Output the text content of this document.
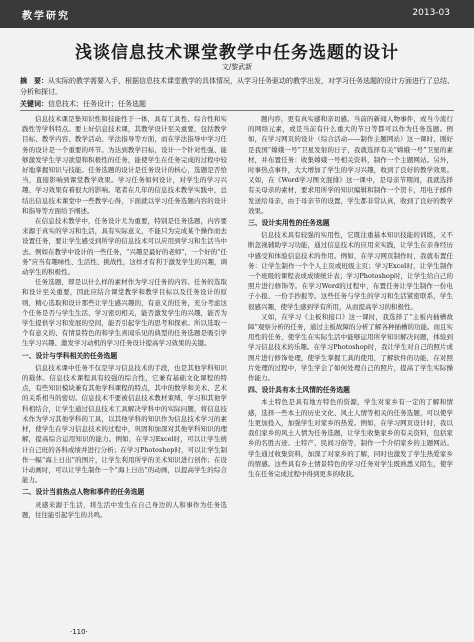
教学研究	2013-03
浅谈信息技术课堂教学中任务选题的设计
文/黎武新
摘　要：从实际的教学需要入手，根据信息技术课堂教学的具体情况，从学习任务驱动的教学出发，对学习任务选题的设计方面进行了总结、分析和探讨。
关键词：信息技术；任务设计；任务选题

信息技术课是集知识性和技能性于一体，具有工具性、综合性和实践性等学科特点。要上好信息技术课，其教学设计至关重要，包括教学目标、教学内容、教学活动、学法指导等方面，而在学法指导中学习任务的设计是一个重要的环节。为达到教学目标，设计一个针对性强、能够激发学生学习欲望和积极性的任务，能使学生在任务完成的过程中较好地掌握知识与技能。任务选题的设计是任务设计的核心，选题是否恰当，直接影响到课堂教学效果。学习任务如何设计，对学生的学习兴趣、学习效果有着很大的影响。笔者在几年的信息技术教学实践中，总结出信息技术课堂中一些教学心得，下面就以学习任务选题内容的设计和指导等方面给予阐述。

在信息技术教学中，任务设计尤为重要，特别是任务选题，内容要来源于真实的学习和生活，具有实际意义，不能只为完成某个操作而去设置任务，要让学生感受到所学的信息技术可以应用到学习和生活当中去。例如在教学中设计的一些任务，“兴趣是最好的老师”，一个好的“任务”应当有趣味性、生活性、挑战性，这样才有利于激发学生的兴趣，调动学生的积极性。

任务选题，即是以什么样的素材作为学习任务的内容。任务的选取和设计至关重要，因此应结合课堂教学和教学目标以及任务设计的原则，精心选取和设计那些让学生感兴趣的，有意义的任务，充分考虑这个任务是否与学生生活、学习密切相关，能否激发学生的兴趣，能否为学生提供学习和发展的空间，能否引起学生的思考和探索。所以选取一个有意义的、有情景特色的和学生喜闻乐见的典型的任务选题是吸引学生学习兴趣、激发学习动机的学习任务设计提高学习效果的关键。

一、设计与学科相关的任务选题

信息技术课中任务不仅是学习信息技术的手段，也是其他学科知识的载体。信息技术课程具有较强的综合性，它兼有基础文化课程的特点，有些知识模块兼有其他学科课程的特点，其中的数学和美术、艺术的关系相当的密切。信息技术不要被信息技术教材束缚，学习和其他学科相结合，让学生通过信息技术工具解决学科中的实际问题，将信息技术作为学习其他学科的工具，以其他学科的知识作为信息技术学习的素材，使学生在学习信息技术的过程中，巩固和加深对其他学科知识的理解，提高综合运用知识的能力。例如，在学习Excel时，可以让学生统计自己班的各科成绩并进行分析；在学习Photoshop时，可以让学生制作一幅“海上日出”的图片，让学生利用所学的美术知识进行创作；在设计动画时，可以让学生制作一个“海上日出”的动画，以提高学生的综合能力。

二、设计当前热点人物和事件的任务选题

灵感来源于生活，将生活中发生在自己身边的人和事作为任务选题，往往能引起学生的共鸣。

题内容，更有真实感和亲切感。当前的新闻人物事件，或当今流行的网络元素，或是当前有什么重大的节日等都可以作为任务选题。例如，在学习网页的设计（综合活动——制作主题网站）这一课时，刚好是我国“嫦娥一号”卫星发射的日子，我就选择有关“嫦娥一号”卫星的素材，并布置任务：收集嫦娥一号相关资料，制作一个主题网站。另外，时事热点事件，大大增加了学生的学习兴趣，收到了良好的教学效果。又如，在《Word学习图文混排》这一课中，是母亲节期间，我就选择有关母亲的素材，要求用所学的知识编辑和制作一个贺卡，用电子邮件发送给母亲，由于母亲节的设置，学生都非常认真，收到了良好的教学效果。

三、设计实用性的任务选题

信息技术具有较强的实用性，它既注重基本知识技能的训练，又不断忽视辅助学习功能，通过信息技术的应用来实践，让学生在亲身经历中感受和体验信息技术的作用。例如，在学习网页制作时，我就布置任务：让学生制作一个个人主页或班级主页；学习Excel时，让学生制作一个班级的课程表或成绩统计表；学习Photoshop时，让学生给自己的照片进行修饰等。在学习Word的过程中，布置任务让学生制作一份电子小报、一份手抄报等。这些任务与学生的学习和生活紧密联系，学生很感兴趣，使学生感到学有所用，从而提高学习的积极性。

又如，在学习《主板和接口》这一课时，我选择了“主板内插槽故障”观察分析的任务，通过主板故障的分析了解各种插槽的功能。而且实用性的任务，使学生在实际生活中能够运用所学知识解决问题，体验到学习信息技术的乐趣。在学习Photoshop时，我让学生对自己的照片或图片进行修饰处理，使学生掌握工具的使用，了解软件的功能，在对照片处理的过程中，学生学会了如何处理自己的照片，提高了学生实际操作能力。

四、设计具有本土风情的任务选题

本土特色是具有地方特色的资源，学生对家乡有一定的了解和情感，选择一些本土的历史文化、风土人情等相关的任务选题，可以使学生更加投入，加强学生对家乡的热爱。例如，在学习网页设计时，我以我们家乡的风土人情为任务选题，让学生收集家乡的有关资料，包括家乡的名胜古迹、土特产、民间习俗等，制作一个介绍家乡的主题网站。学生通过收集资料，加深了对家乡的了解，同时也激发了学生热爱家乡的情感。这些具有乡土情景特色的学习任务对学生既熟悉又陌生，使学生在任务完成过程中得到更多的收获。

·110·
